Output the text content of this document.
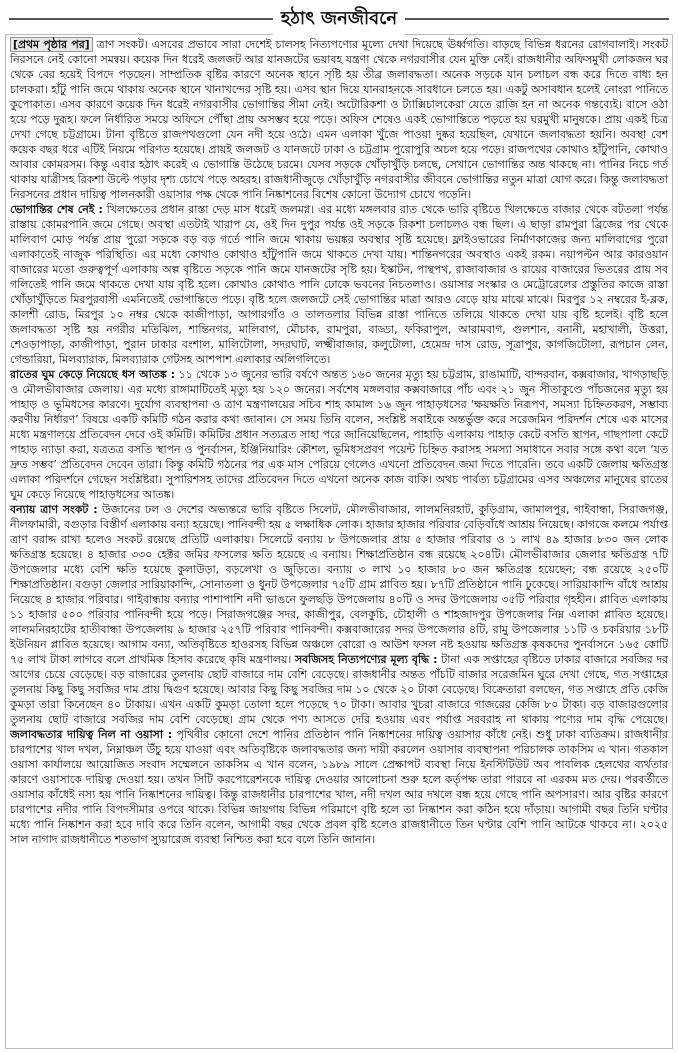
হঠাৎ জনজীবনে

[প্রথম পৃষ্ঠার পর] ত্রাণ সংকট। এসবের প্রভাবে সারা দেশেই চালসহ নিত্যপণ্যের মূল্যে দেখা দিয়েছে ঊর্ধ্বগতি। বাড়ছে বিভিন্ন ধরনের রোগবালাই। সংকট নিরসনে নেই কোনো সমন্বয়। কয়েক দিন ধরেই জলজট আর যানজটের ভয়াবহ যন্ত্রণা থেকে নগরবাসীর যেন মুক্তি নেই। রাজধানীর অফিসমুখী লোকজন ঘর থেকে বের হয়েই বিপদে পড়ছেন। সাম্প্রতিক বৃষ্টির কারণে অনেক স্থানে সৃষ্টি হয় তীব্র জলাবদ্ধতা। অনেক সড়কে যান চলাচল বন্ধ করে দিতে বাধ্য হন চালকরা। হাঁটু পানি জমে থাকায় অনেক স্থানে খানাখন্দের সৃষ্টি হয়। এসব স্থান দিয়ে যানবাহনকে সাবধানে চলতে হয়। একটু অসাবধান হলেই নোংরা পানিতে কুপোকাত। এসব কারণে কয়েক দিন ধরেই নগরবাসীর ভোগান্তির সীমা নেই। অটোরিকশা ও ট্যাক্সিচালকেরা যেতে রাজি হন না অনেক গন্তব্যেই। বাসে ওঠা হয়ে পড়ে দুরূহ। ফলে নির্ধারিত সময়ে অফিসে পৌঁছা প্রায় অসম্ভব হয়ে পড়ে। অফিস শেষেও একই ভোগান্তিতে পড়তে হয় ঘরমুখী মানুষকে। প্রায় একই চিত্র দেখা গেছে চট্টগ্রামে। টানা বৃষ্টিতে রাজপথগুলো যেন নদী হয়ে ওঠে। এমন এলাকা খুঁজে পাওয়া দুষ্কর হয়েছিল, যেখানে জলাবদ্ধতা হয়নি। অবস্থা বেশ কয়েক বছর ধরে এটিই নিয়মে পরিণত হয়েছে। প্রায়ই জলজট ও যানজটে ঢাকা ও চট্টগ্রাম পুরোপুরি অচল হয়ে পড়ে। রাজপথের কোথাও হাঁটুপানি, কোথাও আবার কোমরসম। কিন্তু এবার হঠাৎ করেই এ ভোগান্তি উঠেছে চরমে। যেসব সড়কে খোঁড়াখুঁড়ি চলছে, সেখানে ভোগান্তির অন্ত থাকছে না। পানির নিচে গর্ত থাকায় যাত্রীসহ রিকশা উল্টে পড়ার দৃশ্য চোখে পড়ে অহরহ। রাজধানীজুড়ে খোঁড়াখুঁড়ি নগরবাসীর জীবনে ভোগান্তির নতুন মাত্রা যোগ করে। কিন্তু জলাবদ্ধতা নিরসনের প্রধান দায়িত্ব পালনকারী ওয়াসার পক্ষ থেকে পানি নিষ্কাশনের বিশেষ কোনো উদ্যোগ চোখে পড়েনি।

ভোগান্তির শেষ নেই : খিলক্ষেতের প্রধান রাস্তা দেড় মাস ধরেই জলমগ্ন। এর মধ্যে মঙ্গলবার রাত থেকে ভারি বৃষ্টিতে খিলক্ষেতে বাজার থেকে বটতলা পর্যন্ত রাস্তায় কোমরপানি জমে গেছে। অবস্থা এতটাই খারাপ যে, ওই দিন দুপুর পর্যন্ত ওই সড়কে রিকশা চলাচলও বন্ধ ছিল। এ ছাড়া রামপুরা ব্রিজের পর থেকে মালিবাগ মোড় পর্যন্ত প্রায় পুরো সড়কে বড় বড় গর্তে পানি জমে থাকায় ভয়ঙ্কর অবস্থার সৃষ্টি হয়েছে। ফ্লাইওভারের নির্মাণকাজের জন্য মালিবাগের পুরো এলাকাতেই নাজুক পরিস্থিতি। এর মধ্যে কোথাও কোথাও হাঁটুপানি জমে থাকতে দেখা যায়। শান্তিনগরের অবস্থাও একই রকম। নয়াপল্টন আর কারওয়ান বাজারের মতো গুরুত্বপূর্ণ এলাকায় অল্প বৃষ্টিতে সড়কে পানি জমে যানজটের সৃষ্টি হয়। ইস্কাটন, পান্থপথ, রাজাবাজার ও রায়ের বাজারের ভিতরের প্রায় সব গলিতেই পানি জমে থাকতে দেখা যায় বৃষ্টি হলে। কোথাও কোথাও পানি ঢোকে ভবনের নিচতলাও। ওয়াসার সংস্কার ও মেট্রোরেলের প্রস্তুতির কাজে রাস্তা খোঁড়াখুঁড়িতে মিরপুরবাসী এমনিতেই ভোগান্তিতে পড়ে। বৃষ্টি হলে জলজটে সেই ভোগান্তির মাত্রা আরও বেড়ে যায় মাঝে মাঝে। মিরপুর ১২ নম্বরের ই-ব্লক, কালশী রোড, মিরপুর ১০ নম্বর থেকে কাজীপাড়া, আগারগাঁও ও তালতলার বিভিন্ন রাস্তা পানিতে তলিয়ে থাকতে দেখা যায় বৃষ্টি হলেই। বৃষ্টি হলে জলাবদ্ধতা সৃষ্টি হয় নগরীর মতিঝিল, শান্তিনগর, মালিবাগ, মৌচাক, রামপুরা, বাড্ডা, ফকিরাপুল, আরামবাগ, গুলশান, বনানী, মহাখালী, উত্তরা, শেওড়াপাড়া, কাজীপাড়া, পুরান ঢাকার বংশাল, মালিটোলা, সদরঘাট, লক্ষ্মীবাজার, কলুটোলা, হেমেন্দ্র দাস রোড, সূত্রাপুর, কাগজিটোলা, রূপচান লেন, গেন্ডারিয়া, মিলব্যারাক, মিলব্যারাক গেটসহ আশপাশ এলাকার অলিগলিতে।

রাতের ঘুম কেড়ে নিয়েছে ধস আতঙ্ক : ১১ থেকে ১৩ জুনের ভারি বর্ষণে অন্তত ১৬০ জনের মৃত্যু হয় চট্টগ্রাম, রাঙামাটি, বান্দরবান, কক্সবাজার, খাগড়াছড়ি ও মৌলভীবাজার জেলায়। এর মধ্যে রাঙ্গামাটিতেই মৃত্যু হয় ১২০ জনের। সর্বশেষ মঙ্গলবার কক্সবাজারে পাঁচ এবং ২১ জুন সীতাকুণ্ডে পাঁচজনের মৃত্যু হয় পাহাড় ও ভূমিধসের কারণে। দুর্যোগ ব্যবস্থাপনা ও ত্রাণ মন্ত্রণালয়ের সচিব শাহ কামাল ১৬ জুন পাহাড়ধসের ‘ক্ষয়ক্ষতি নিরূপণ, সমস্যা চিহ্নিতকরণ, সম্ভাব্য করণীয় নির্ধারণ’ বিষয়ে একটি কমিটি গঠন করার কথা জানান। সে সময় তিনি বলেন, সংশ্লিষ্ট সবাইকে অন্তর্ভুক্ত করে সরেজমিন পরিদর্শন শেষে এক মাসের মধ্যে মন্ত্রণালয়ে প্রতিবেদন দেবে ওই কমিটি। কমিটির প্রধান সত্যব্রত সাহা পরে জানিয়েছিলেন, পাহাড়ি এলাকায় পাহাড় কেটে বসতি স্থাপন, গাছপালা কেটে পাহাড় ন্যাড়া করা, যত্রতত্র বসতি স্থাপন ও পুনর্বাসন, ইঞ্জিনিয়ারিং কৌশল, ভূমিধসপ্রবণ পয়েন্ট চিহ্নিত করাসহ সমস্যা সমাধানে সবার সঙ্গে কথা বলে ‘যত দ্রুত সম্ভব’ প্রতিবেদন দেবেন তারা। কিন্তু কমিটি গঠনের পর এক মাস পেরিয়ে গেলেও এখনো প্রতিবেদন জমা দিতে পারেনি। তবে একটি জেলায় ক্ষতিগ্রস্ত এলাকা পরিদর্শনে গেছেন সংশ্লিষ্টরা। সুপারিশসহ তাদের প্রতিবেদন দিতে এখনো অনেক কাজ বাকি। অথচ পার্বত্য চট্টগ্রামের এসব অঞ্চলের মানুষের রাতের ঘুম কেড়ে নিয়েছে পাহাড়ধসের আতঙ্ক।

বন্যায় ত্রাণ সংকট : উজানের ঢল ও দেশের অভ্যন্তরে ভারি বৃষ্টিতে সিলেট, মৌলভীবাজার, লালমনিরহাট, কুড়িগ্রাম, জামালপুর, গাইবান্ধা, সিরাজগঞ্জ, নীলফামারী, বগুড়ার বিস্তীর্ণ এলাকায় বন্যা হয়েছে। পানিবন্দী হয় ৫ লক্ষাধিক লোক। হাজার হাজার পরিবার বেড়িবাঁধে আশ্রয় নিয়েছে। কাগজে কলমে পর্যাপ্ত ত্রাণ বরাদ্দ রাখা হলেও সংকট রয়েছে প্রতিটি এলাকায়। সিলেটে বন্যায় ৮ উপজেলার প্রায় ৫ হাজার পরিবার ও ১ লাখ ৪৯ হাজার ৮৩০ জন লোক ক্ষতিগ্রস্ত হয়েছে। ৪ হাজার ৩৩০ হেক্টর জমির ফসলের ক্ষতি হয়েছে এ বন্যায়। শিক্ষাপ্রতিষ্ঠান বন্ধ রয়েছে ২০৪টি। মৌলভীবাজার জেলার ক্ষতিগ্রস্ত ৭টি উপজেলার মধ্যে বেশি ক্ষতি হয়েছে কুলাউড়া, বড়লেখা ও জুড়িতে। বন্যায় ৩ লাখ ১০ হাজার ৮০ জন ক্ষতিগ্রস্ত হয়েছেন; বন্ধ রয়েছে ২৫০টি শিক্ষাপ্রতিষ্ঠান। বগুড়া জেলার সারিয়াকান্দি, সোনাতলা ও ধুনট উপজেলার ৭৫টি গ্রাম প্লাবিত হয়। ৮৭টি প্রতিষ্ঠানে পানি ঢুকেছে। সারিয়াকান্দি বাঁধে আশ্রয় নিয়েছে ৪ হাজার পরিবার। গাইবান্ধায় বন্যার পাশাপাশি নদী ভাঙনে ফুলছড়ি উপজেলায় ৪০টি ও সদর উপজেলায় ৩৫টি পরিবার গৃহহীন। প্লাবিত এলাকায় ১১ হাজার ৫০০ পরিবার পানিবন্দী হয়ে পড়ে। সিরাজগঞ্জের সদর, কাজীপুর, বেলকুচি, চৌহালী ও শাহজাদপুর উপজেলার নিম্ন এলাকা প্লাবিত হয়েছে। লালমনিরহাটের হাতীবান্ধা উপজেলায় ৯ হাজার ২৫৭টি পরিবার পানিবন্দী। কক্সবাজারের সদর উপজেলার ৪টি, রামু উপজেলার ১১টি ও চকরিয়ার ১৮টি ইউনিয়ন প্লাবিত হয়েছে। আগাম বন্যা, অতিবৃষ্টিতে হাওরসহ বিভিন্ন অঞ্চলে বোরো ও আউশ ফসল নষ্ট হওয়ায় ক্ষতিগ্রস্ত কৃষকদের পুনর্বাসনে ১৬৫ কোটি ৭৫ লাখ টাকা লাগবে বলে প্রাথমিক হিসাব করেছে কৃষি মন্ত্রণালয়। সবজিসহ নিত্যপণ্যের মূল্য বৃদ্ধি : টানা এক সপ্তাহের বৃষ্টিতে ঢাকার বাজারে সবজির দর আগের চেয়ে বেড়েছে। বড় বাজারের তুলনায় ছোট বাজারে দাম বেশি বেড়েছে। রাজধানীর অন্তত পাঁচটি বাজার সরেজমিন ঘুরে দেখা গেছে, গত সপ্তাহের তুলনায় কিছু কিছু সবজির দাম প্রায় দ্বিগুণ হয়েছে। আবার কিছু কিছু সবজির দাম ১০ থেকে ২০ টাকা বেড়েছে। বিক্রেতারা বলছেন, গত সপ্তাহে প্রতি কেজি কুমড়া তারা কিনেছেন ৪০ টাকায়। এখন একটি কুমড়া তোলা হলে পড়েছে ৭০ টাকা। আবার খুচরা বাজারে গাজরের কেজি ৮০ টাকা। বড় বাজারগুলোর তুলনায় ছোট বাজারে সবজির দাম বেশি বেড়েছে। গ্রাম থেকে পণ্য আসতে দেরি হওয়ায় এবং পর্যাপ্ত সরবরাহ না থাকায় পণ্যের দাম বৃদ্ধি পেয়েছে। জলাবদ্ধতার দায়িত্ব নিল না ওয়াসা : পৃথিবীর কোনো দেশে পানির প্রতিষ্ঠান পানি নিষ্কাশনের দায়িত্ব ওয়াসার কাঁধে নেই। শুধু ঢাকা ব্যতিক্রম। রাজধানীর চারপাশের খাল দখল, নিম্নাঞ্চল উঁচু হয়ে যাওয়া এবং অতিবৃষ্টিকে জলাবদ্ধতার জন্য দায়ী করলেন ওয়াসার ব্যবস্থাপনা পরিচালক তাকসিম এ খান। গতকাল ওয়াসা কার্যালয়ে আয়োজিত সংবাদ সম্মেলনে তাকসিম এ খান বলেন, ১৯৮৯ সালে প্রেক্ষাপট ব্যবস্থা নিয়ে ইনস্টিটিউট অব পাবলিক হেলথের ব্যর্থতার কারণে ওয়াসাকে দায়িত্ব দেওয়া হয়। তখন সিটি করপোরেশনকে দায়িত্ব দেওয়ার আলোচনা শুরু হলে কর্তৃপক্ষ তারা পারবে না এরকম মত দেয়। পরবর্তীতে ওয়াসার কাঁধেই নস্য হয় পানি নিষ্কাশনের দায়িত্ব। কিন্তু রাজধানীর চারপাশের খাল, নদী দখল আর দখলে বন্ধ হয়ে গেছে পানি অপসারণ। আর বৃষ্টির কারণে চারপাশের নদীর পানি বিপদসীমার ওপরে থাকে। বিভিন্ন জায়গায় বিভিন্ন পরিমাণে বৃষ্টি হলে তা নিষ্কাশন করা কঠিন হয়ে দাঁড়ায়। আগামী বছর তিনি ঘণ্টার মধ্যে পানি নিষ্কাশন করা হবে দাবি করে তিনি বলেন, আগামী বছর থেকে প্রবল বৃষ্টি হলেও রাজধানীতে তিন ঘণ্টার বেশি পানি আটকে থাকবে না। ২০২৫ সাল নাগাদ রাজধানীতে শতভাগ স্যুয়ারেজ ব্যবস্থা নিশ্চিত করা হবে বলে তিনি জানান।
